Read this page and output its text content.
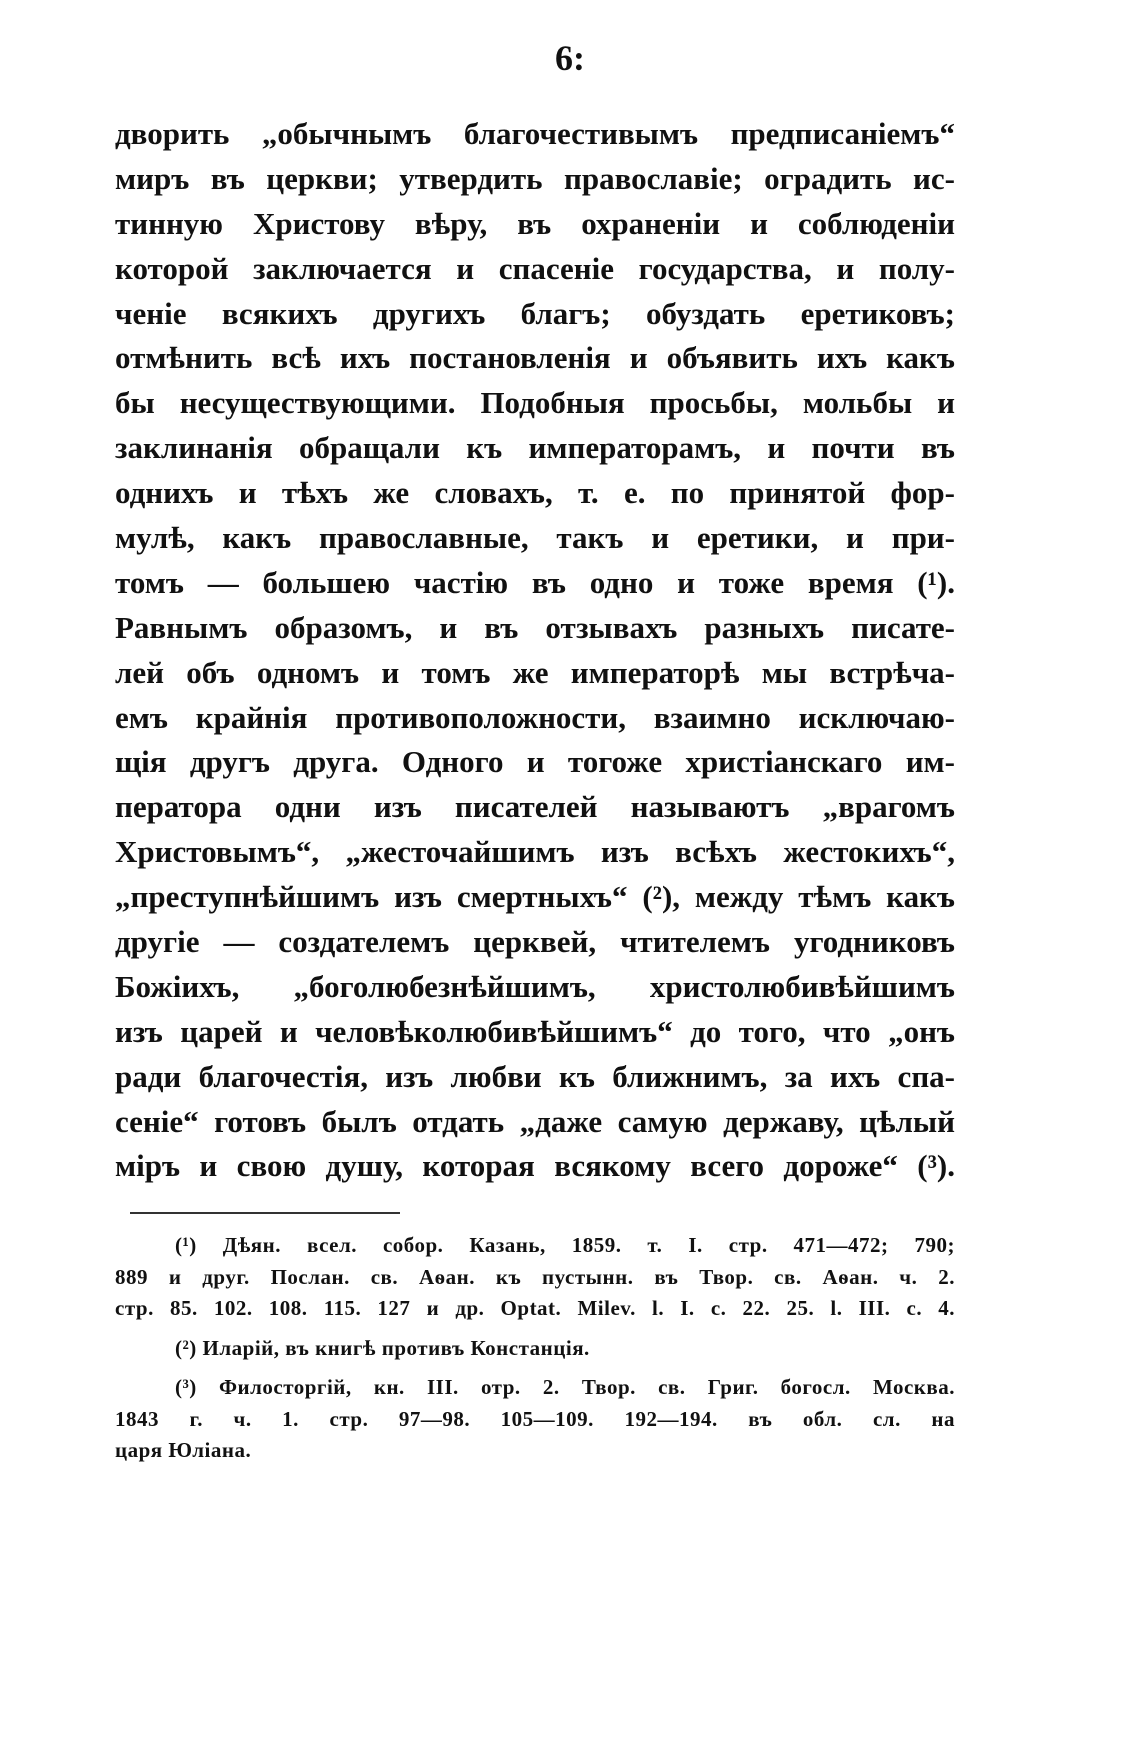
6:
дворить „обычнымъ благочестивымъ предписаніемъ“
миръ въ церкви; утвердить православіе; оградить ис-
тинную Христову вѣру, въ охраненіи и соблюденіи
которой заключается и спасеніе государства, и полу-
ченіе всякихъ другихъ благъ; обуздать еретиковъ;
отмѣнить всѣ ихъ постановленія и объявить ихъ какъ
бы несуществующими. Подобныя просьбы, мольбы и
заклинанія обращали къ императорамъ, и почти въ
однихъ и тѣхъ же словахъ, т. е. по принятой фор-
мулѣ, какъ православные, такъ и еретики, и при-
томъ — большею частію въ одно и тоже время (¹).
Равнымъ образомъ, и въ отзывахъ разныхъ писате-
лей объ одномъ и томъ же императорѣ мы встрѣча-
емъ крайнія противоположности, взаимно исключаю-
щія другъ друга. Одного и тогоже христіанскаго им-
ператора одни изъ писателей называютъ „врагомъ
Христовымъ“, „жесточайшимъ изъ всѣхъ жестокихъ“,
„преступнѣйшимъ изъ смертныхъ“ (²), между тѣмъ какъ
другіе — создателемъ церквей, чтителемъ угодниковъ
Божіихъ, „боголюбезнѣйшимъ, христолюбивѣйшимъ
изъ царей и человѣколюбивѣйшимъ“ до того, что „онъ
ради благочестія, изъ любви къ ближнимъ, за ихъ спа-
сеніе“ готовъ былъ отдать „даже самую державу, цѣлый
міръ и свою душу, которая всякому всего дороже“ (³).
(¹) Дѣян. всел. собор. Казань, 1859. т. І. стр. 471—472; 790;
889 и друг. Послан. св. Аѳан. къ пустынн. въ Твор. св. Аѳан. ч. 2.
стр. 85. 102. 108. 115. 127 и др. Optat. Milev. l. I. c. 22. 25. l. III. c. 4.
(²) Иларій, въ книгѣ противъ Констанція.
(³) Филосторгій, кн. III. отр. 2. Твор. св. Григ. богосл. Москва.
1843 г. ч. 1. стр. 97—98. 105—109. 192—194. въ обл. сл. на
царя Юліана.
